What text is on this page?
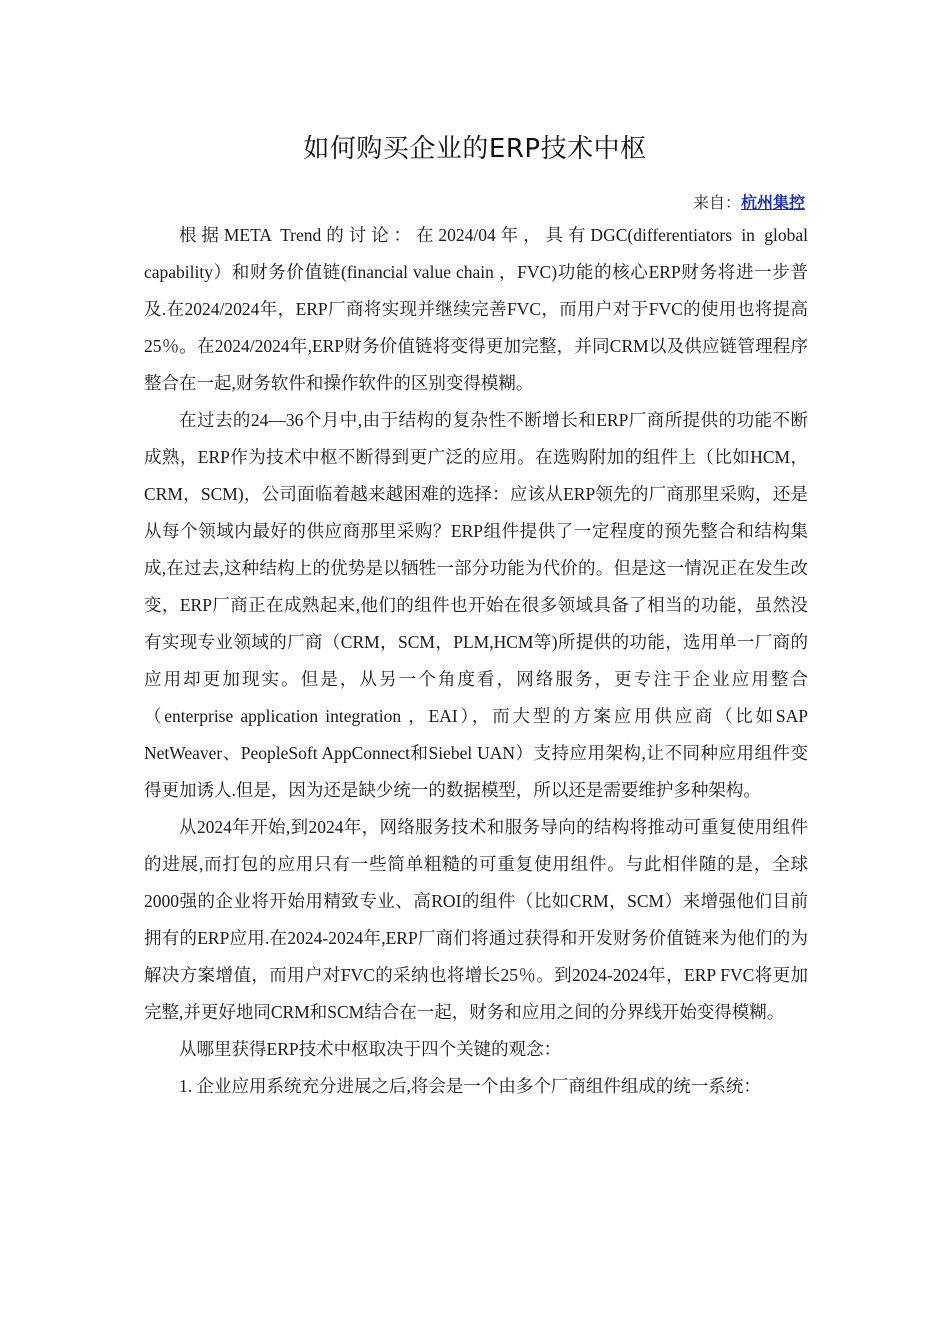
如何购买企业的ERP技术中枢
来自：杭州集控

根据META Trend的讨论：在2024/04年，具有DGC(differentiators in global capability）和财务价值链(financial value chain ，FVC)功能的核心ERP财务将进一步普及.在2024/2024年，ERP厂商将实现并继续完善FVC，而用户对于FVC的使用也将提高25％。在2024/2024年,ERP财务价值链将变得更加完整，并同CRM以及供应链管理程序整合在一起,财务软件和操作软件的区别变得模糊。

在过去的24—36个月中,由于结构的复杂性不断增长和ERP厂商所提供的功能不断成熟，ERP作为技术中枢不断得到更广泛的应用。在选购附加的组件上（比如HCM，CRM，SCM)，公司面临着越来越困难的选择：应该从ERP领先的厂商那里采购，还是从每个领域内最好的供应商那里采购？ERP组件提供了一定程度的预先整合和结构集成,在过去,这种结构上的优势是以牺牲一部分功能为代价的。但是这一情况正在发生改变，ERP厂商正在成熟起来,他们的组件也开始在很多领域具备了相当的功能，虽然没有实现专业领域的厂商（CRM，SCM，PLM,HCM等)所提供的功能，选用单一厂商的应用却更加现实。但是，从另一个角度看，网络服务，更专注于企业应用整合（enterprise application integration ，EAI），而大型的方案应用供应商（比如SAP NetWeaver、PeopleSoft AppConnect和Siebel UAN）支持应用架构,让不同种应用组件变得更加诱人.但是，因为还是缺少统一的数据模型，所以还是需要维护多种架构。

从2024年开始,到2024年，网络服务技术和服务导向的结构将推动可重复使用组件的进展,而打包的应用只有一些简单粗糙的可重复使用组件。与此相伴随的是，全球2000强的企业将开始用精致专业、高ROI的组件（比如CRM，SCM）来增强他们目前拥有的ERP应用.在2024-2024年,ERP厂商们将通过获得和开发财务价值链来为他们的为解决方案增值，而用户对FVC的采纳也将增长25％。到2024-2024年，ERP FVC将更加完整,并更好地同CRM和SCM结合在一起，财务和应用之间的分界线开始变得模糊。

从哪里获得ERP技术中枢取决于四个关键的观念：

1. 企业应用系统充分进展之后,将会是一个由多个厂商组件组成的统一系统：
